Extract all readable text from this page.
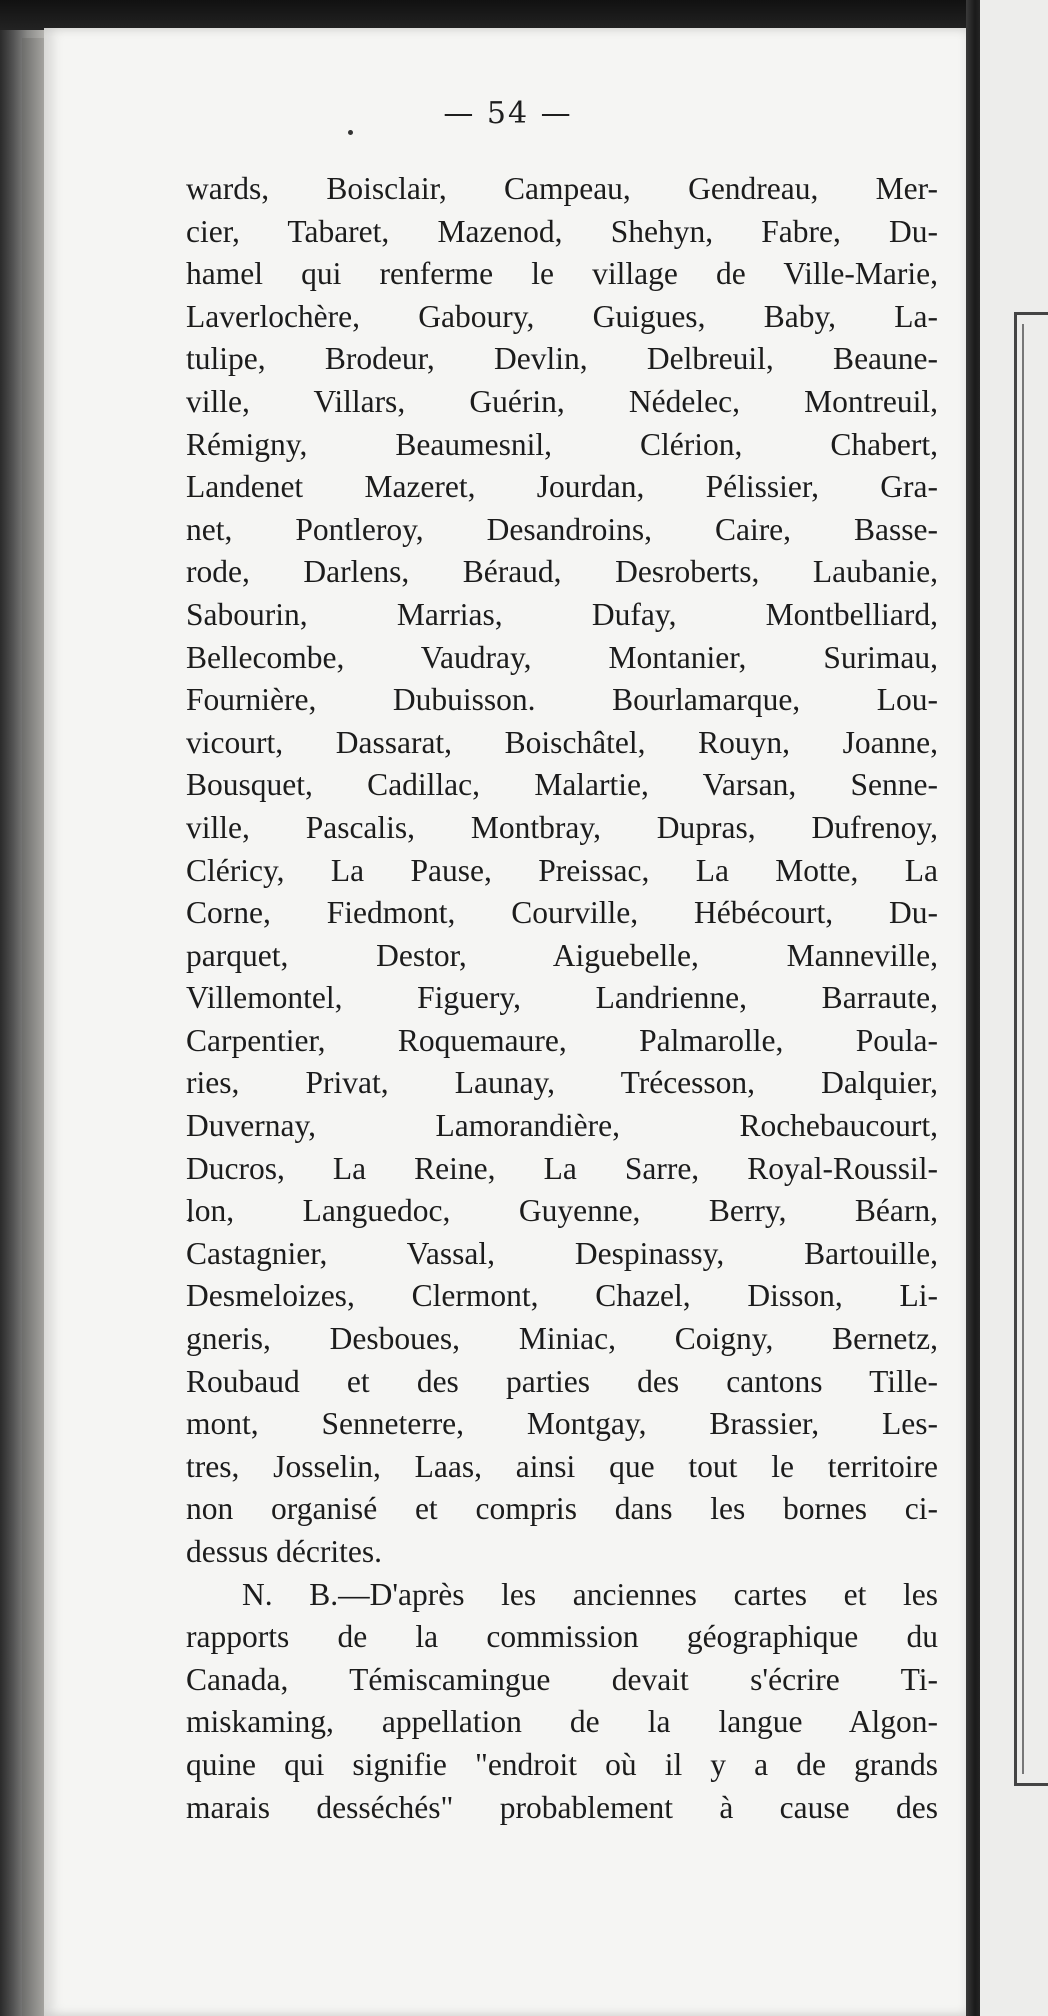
— 54 —
wards, Boisclair, Campeau, Gendreau, Mer-
cier, Tabaret, Mazenod, Shehyn, Fabre, Du-
hamel qui renferme le village de Ville-Marie,
Laverlochère, Gaboury, Guigues, Baby, La-
tulipe, Brodeur, Devlin, Delbreuil, Beaune-
ville, Villars, Guérin, Nédelec, Montreuil,
Rémigny, Beaumesnil, Clérion, Chabert,
Landenet Mazeret, Jourdan, Pélissier, Gra-
net, Pontleroy, Desandroins, Caire, Basse-
rode, Darlens, Béraud, Desroberts, Laubanie,
Sabourin, Marrias, Dufay, Montbelliard,
Bellecombe, Vaudray, Montanier, Surimau,
Fournière, Dubuisson. Bourlamarque, Lou-
vicourt, Dassarat, Boischâtel, Rouyn, Joanne,
Bousquet, Cadillac, Malartie, Varsan, Senne-
ville, Pascalis, Montbray, Dupras, Dufrenoy,
Cléricy, La Pause, Preissac, La Motte, La
Corne, Fiedmont, Courville, Hébécourt, Du-
parquet, Destor, Aiguebelle, Manneville,
Villemontel, Figuery, Landrienne, Barraute,
Carpentier, Roquemaure, Palmarolle, Poula-
ries, Privat, Launay, Trécesson, Dalquier,
Duvernay, Lamorandière, Rochebaucourt,
Ducros, La Reine, La Sarre, Royal-Roussil-
lon, Languedoc, Guyenne, Berry, Béarn,
Castagnier, Vassal, Despinassy, Bartouille,
Desmeloizes, Clermont, Chazel, Disson, Li-
gneris, Desboues, Miniac, Coigny, Bernetz,
Roubaud et des parties des cantons Tille-
mont, Senneterre, Montgay, Brassier, Les-
tres, Josselin, Laas, ainsi que tout le territoire
non organisé et compris dans les bornes ci-
dessus décrites.
N. B.—D'après les anciennes cartes et les
rapports de la commission géographique du
Canada, Témiscamingue devait s'écrire Ti-
miskaming, appellation de la langue Algon-
quine qui signifie "endroit où il y a de grands
marais desséchés" probablement à cause des
